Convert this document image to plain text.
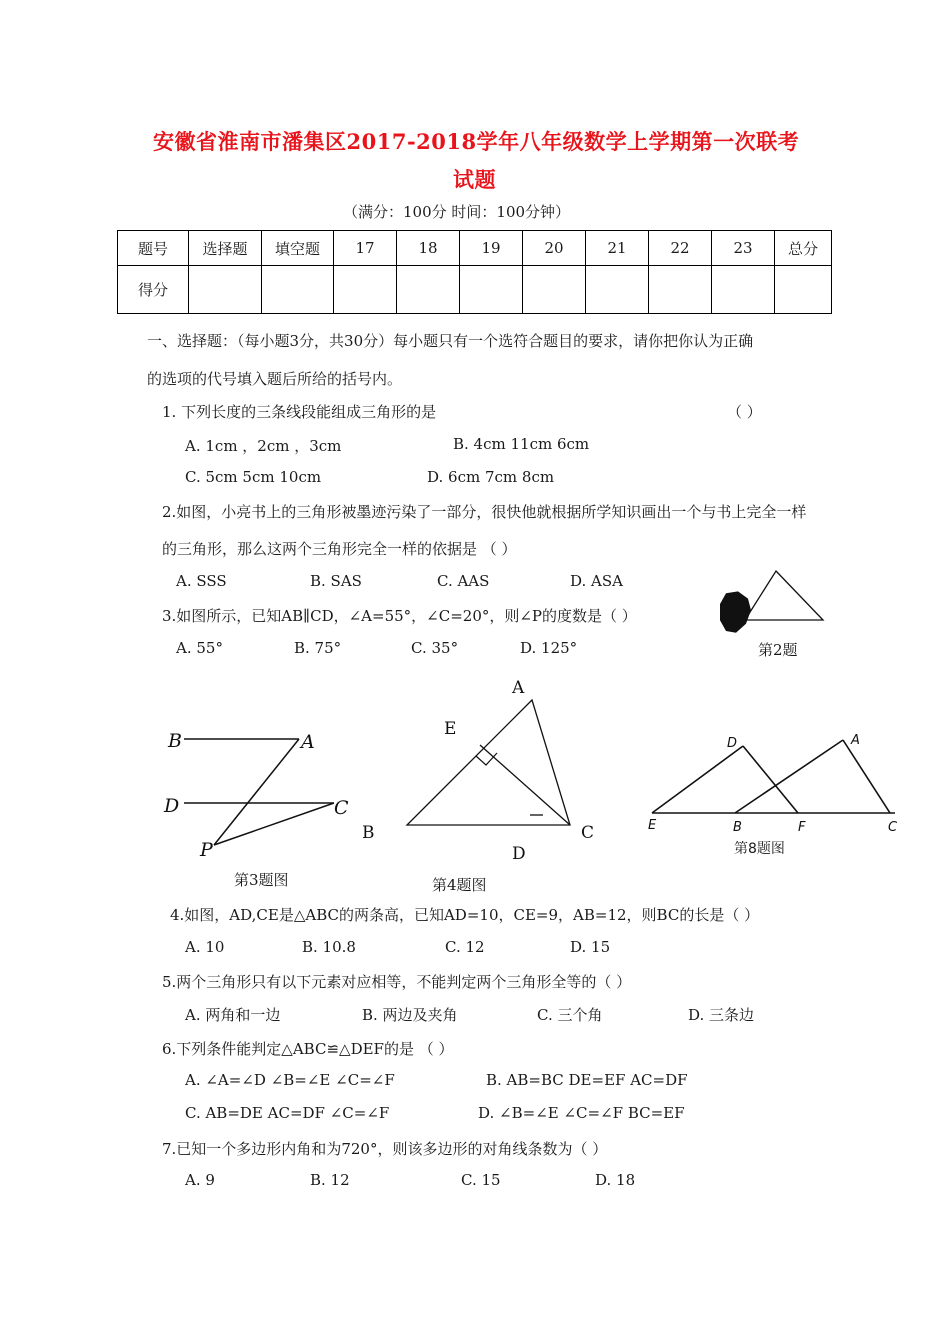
安徽省淮南市潘集区2017-2018学年八年级数学上学期第一次联考
试题
（满分：100分 时间：100分钟）
题号	选择题	填空题	17	18	19	20	21	22	23	总分
得分										
一、选择题：（每小题3分，共30分）每小题只有一个选符合题目的要求，请你把你认为正确
的选项的代号填入题后所给的括号内。
1. 下列长度的三条线段能组成三角形的是	（ ）
A. 1cm ，2cm ，3cm	B. 4cm 11cm 6cm
C. 5cm 5cm 10cm	D. 6cm 7cm 8cm
2.如图，小亮书上的三角形被墨迹污染了一部分，很快他就根据所学知识画出一个与书上完全一样
的三角形，那么这两个三角形完全一样的依据是 （ ）
A. SSS	B. SAS	C. AAS	D. ASA
3.如图所示，已知AB∥CD，∠A=55°，∠C=20°，则∠P的度数是（ ）
A. 55°	B. 75°	C. 35°	D. 125°	第2题
B	A
D	C
P
第3题图
A
E
B	C
D
第4题图
D	A
E	B	F	C
第8题图
4.如图，AD,CE是△ABC的两条高，已知AD=10，CE=9，AB=12，则BC的长是（ ）
A. 10	B. 10.8	C. 12	D. 15
5.两个三角形只有以下元素对应相等，不能判定两个三角形全等的（ ）
A. 两角和一边	B. 两边及夹角	C. 三个角	D. 三条边
6.下列条件能判定△ABC≌△DEF的是 （ ）
A. ∠A=∠D ∠B=∠E ∠C=∠F	B. AB=BC DE=EF AC=DF
C. AB=DE AC=DF ∠C=∠F	D. ∠B=∠E ∠C=∠F BC=EF
7.已知一个多边形内角和为720°，则该多边形的对角线条数为（ ）
A. 9	B. 12	C. 15	D. 18
